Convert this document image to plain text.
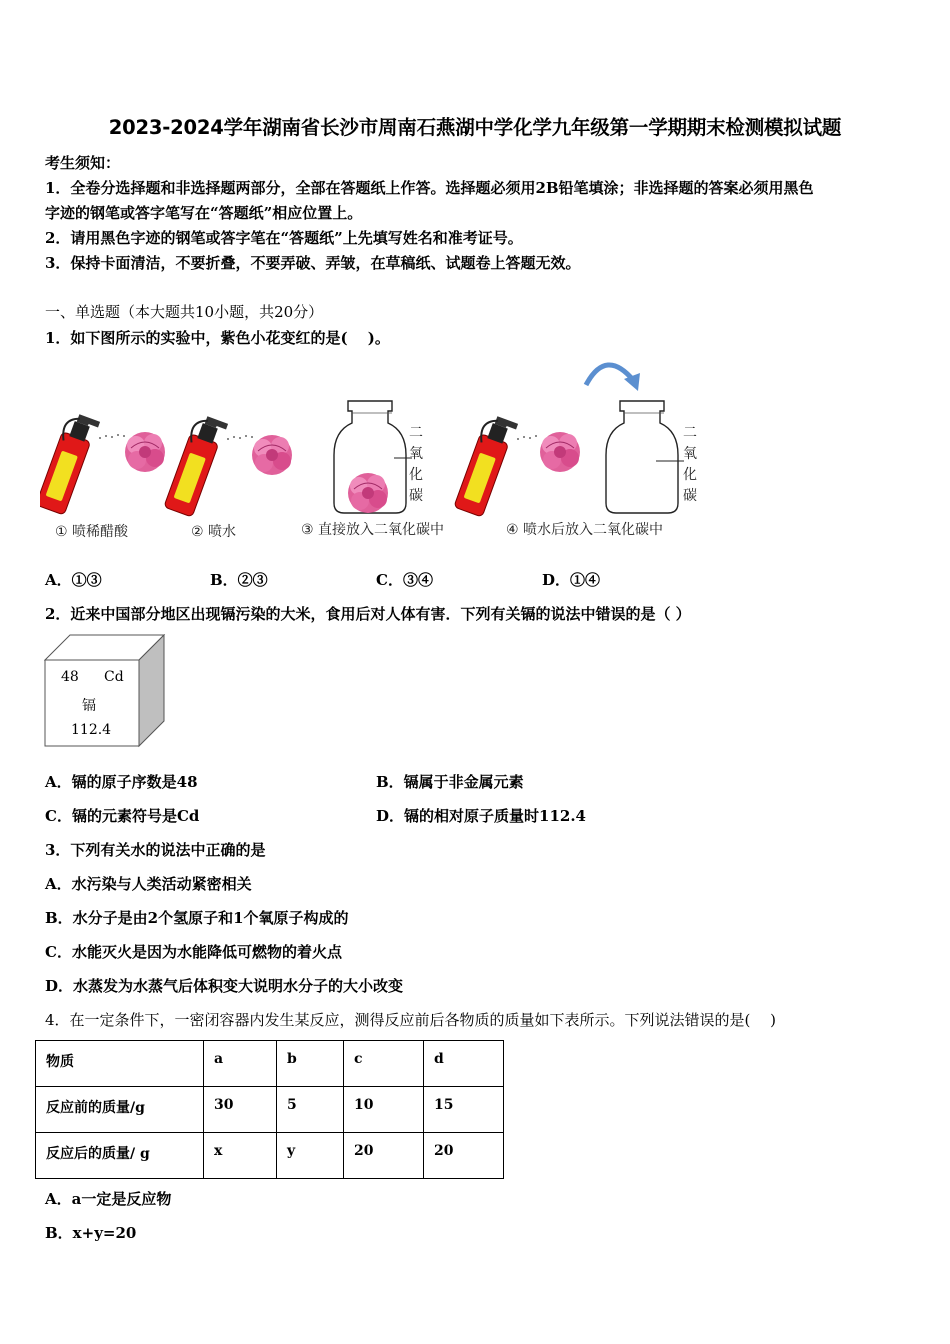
2023-2024学年湖南省长沙市周南石燕湖中学化学九年级第一学期期末检测模拟试题
考生须知：
1．全卷分选择题和非选择题两部分，全部在答题纸上作答。选择题必须用2B铅笔填涂；非选择题的答案必须用黑色
字迹的钢笔或答字笔写在“答题纸”相应位置上。
2．请用黑色字迹的钢笔或答字笔在“答题纸”上先填写姓名和准考证号。
3．保持卡面清洁，不要折叠，不要弄破、弄皱，在草稿纸、试题卷上答题无效。
一、单选题（本大题共10小题，共20分）
1．如下图所示的实验中，紫色小花变红的是(　 )。
二
氧
化
碳
二
氧
化
碳
① 喷稀醋酸	② 喷水	③ 直接放入二氧化碳中	④ 喷水后放入二氧化碳中
A．①③	B．②③	C．③④	D．①④
2．近来中国部分地区出现镉污染的大米，食用后对人体有害．下列有关镉的说法中错误的是（ ）
48 Cd
镉
112.4
A．镉的原子序数是48	B．镉属于非金属元素
C．镉的元素符号是Cd	D．镉的相对原子质量时112.4
3．下列有关水的说法中正确的是
A．水污染与人类活动紧密相关
B．水分子是由2个氢原子和1个氧原子构成的
C．水能灭火是因为水能降低可燃物的着火点
D．水蒸发为水蒸气后体积变大说明水分子的大小改变
4．在一定条件下，一密闭容器内发生某反应，测得反应前后各物质的质量如下表所示。下列说法错误的是(　 )
物质	a	b	c	d
反应前的质量/g	30	5	10	15
反应后的质量/ g	x	y	20	20
A．a一定是反应物
B．x+y=20
